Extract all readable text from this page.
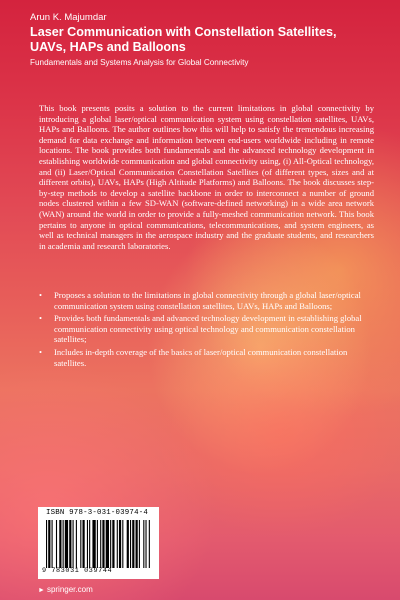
Arun K. Majumdar
Laser Communication with Constellation Satellites, UAVs, HAPs and Balloons
Fundamentals and Systems Analysis for Global Connectivity

This book presents posits a solution to the current limitations in global connectivity by introducing a global laser/optical communication system using constellation satellites, UAVs, HAPs and Balloons. The author outlines how this will help to satisfy the tremendous increasing demand for data exchange and information between end-users worldwide including in remote locations. The book provides both fundamentals and the advanced technology development in establishing worldwide communication and global connectivity using, (i) All-Optical technology, and (ii) Laser/Optical Communication Constellation Satellites (of different types, sizes and at different orbits), UAVs, HAPs (High Altitude Platforms) and Balloons. The book discusses step-by-step methods to develop a satellite backbone in order to interconnect a number of ground nodes clustered within a few SD-WAN (software-defined networking) in a wide area network (WAN) around the world in order to provide a fully-meshed communication network. This book pertains to anyone in optical communications, telecommunications, and system engineers, as well as technical managers in the aerospace industry and the graduate students, and researchers in academia and research laboratories.

• Proposes a solution to the limitations in global connectivity through a global laser/optical communication system using constellation satellites, UAVs, HAPs and Balloons;
• Provides both fundamentals and advanced technology development in establishing global communication connectivity using optical technology and communication constellation satellites;
• Includes in-depth coverage of the basics of laser/optical communication constellation satellites.
ISBN 978-3-031-03974-4
9 783031 039744
► springer.com
